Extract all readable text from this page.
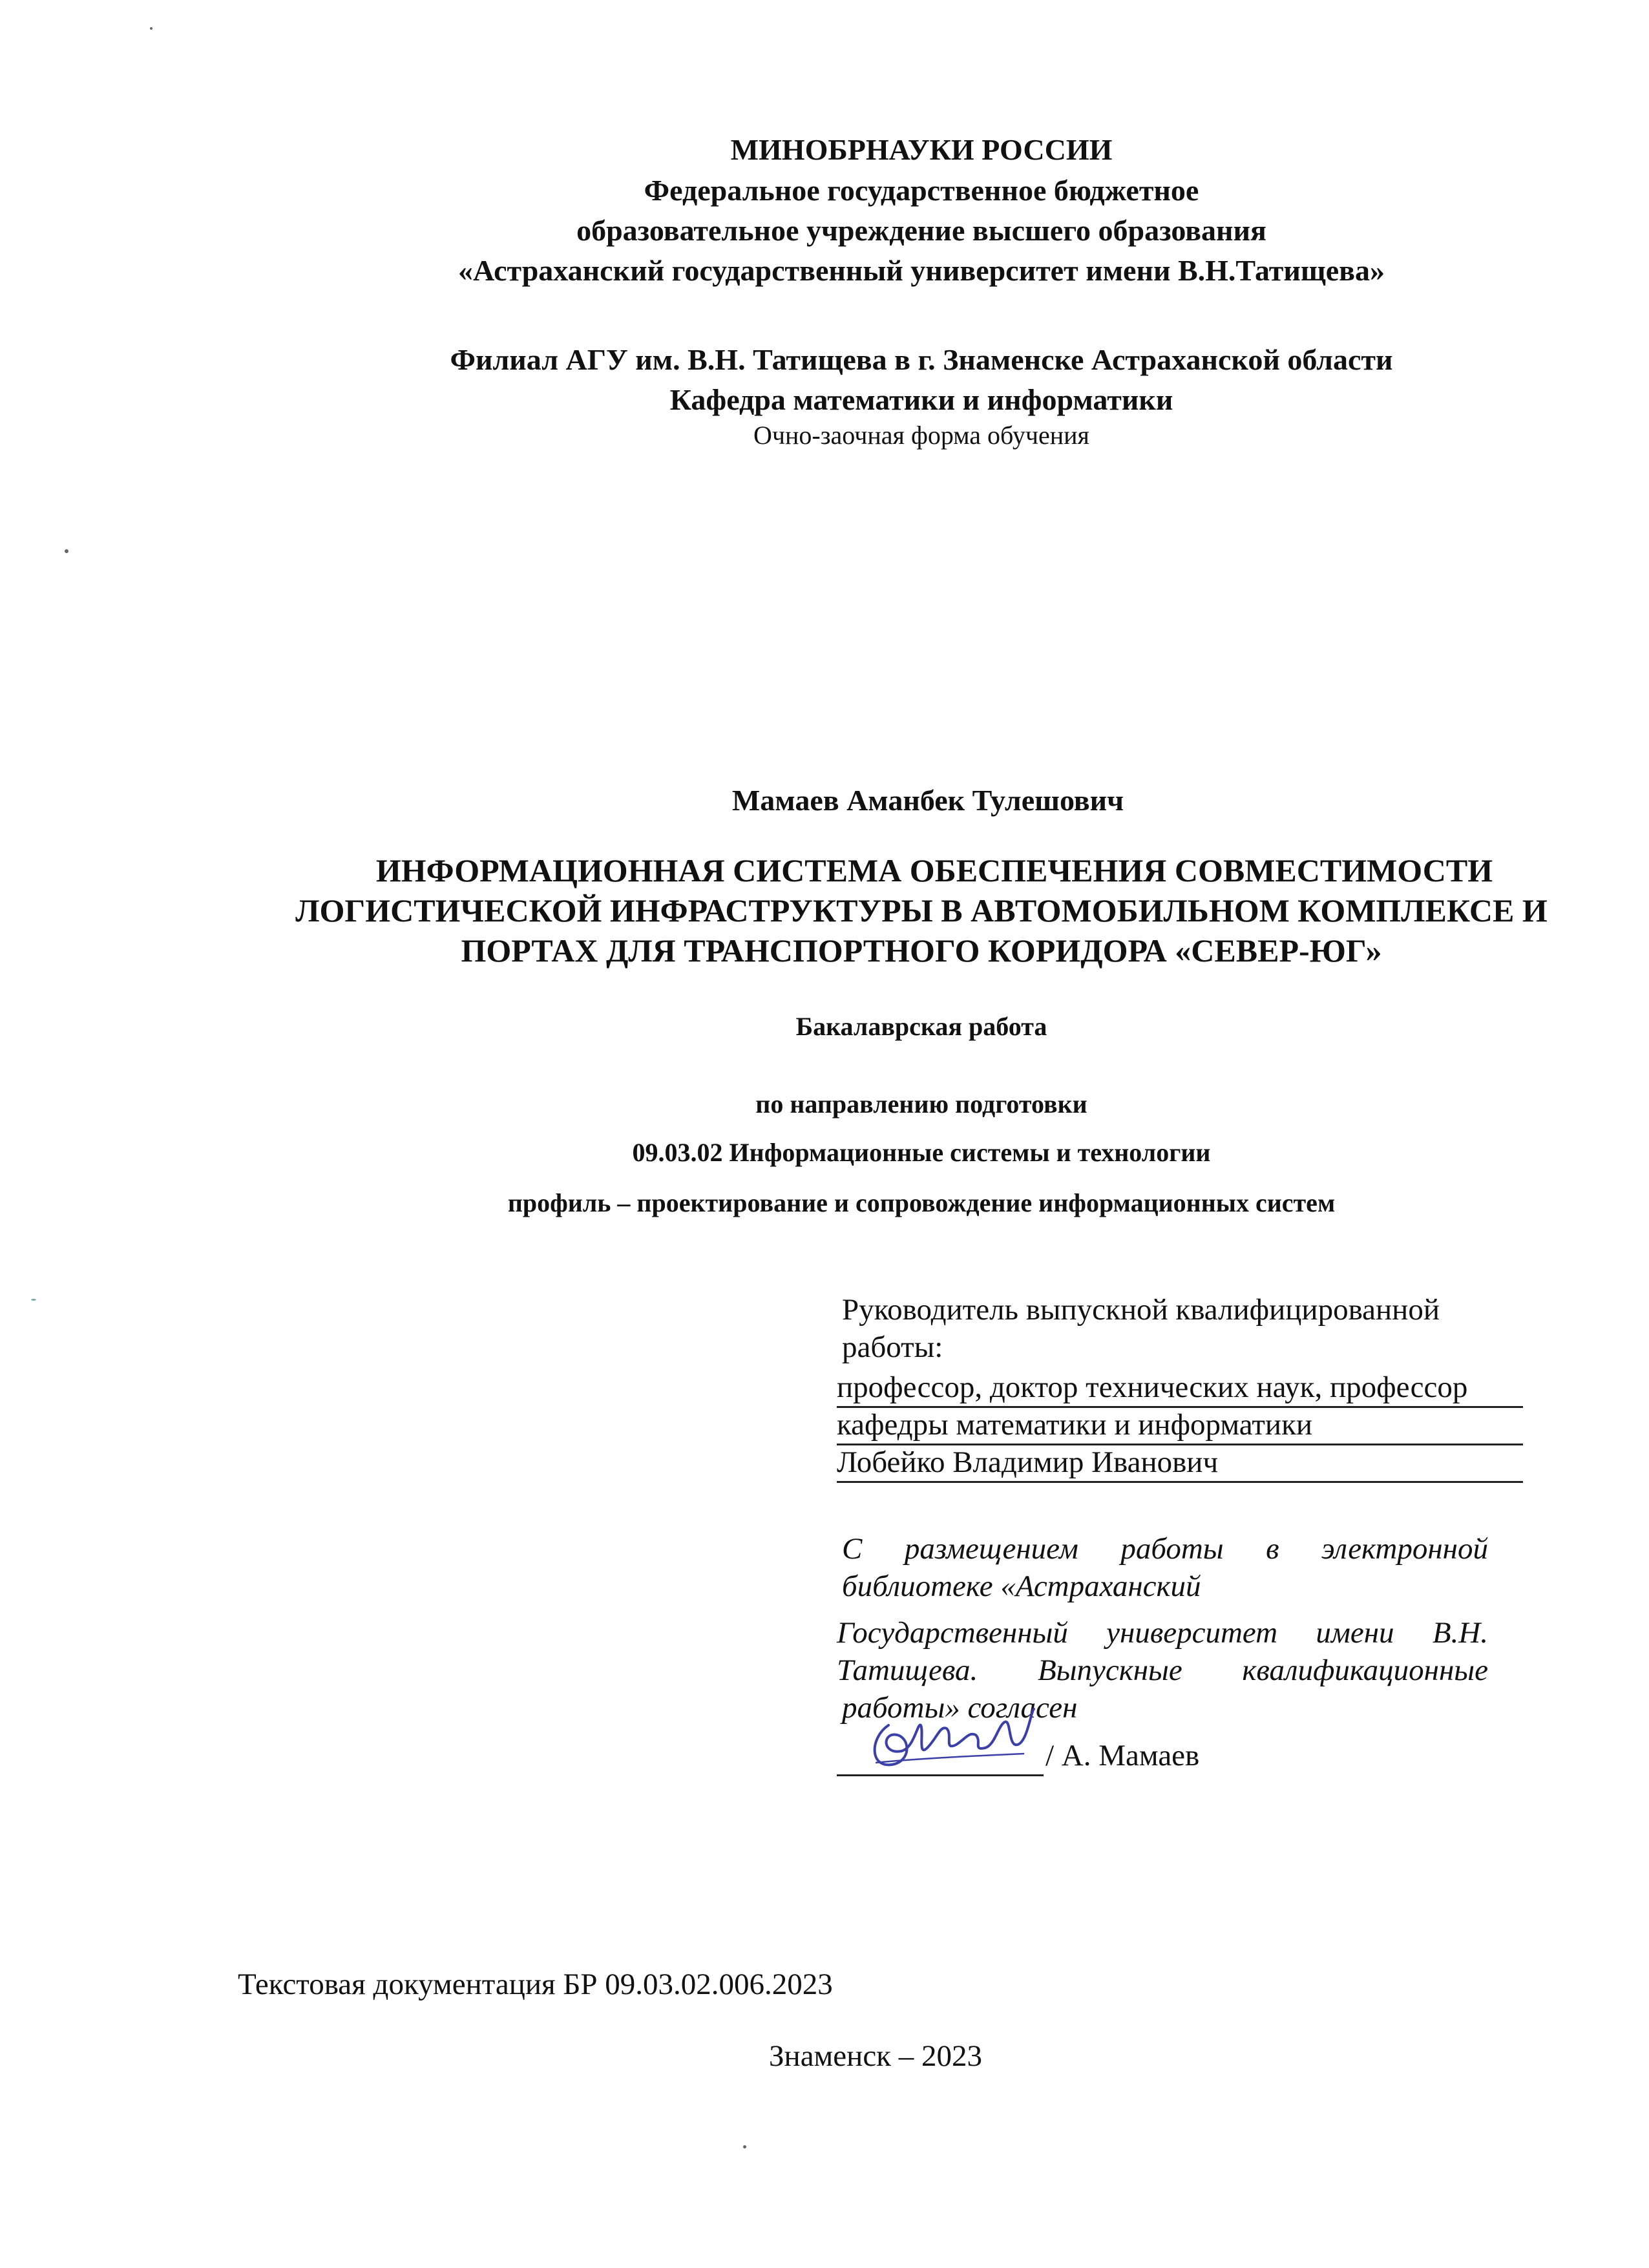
МИНОБРНАУКИ РОССИИ
Федеральное государственное бюджетное
образовательное учреждение высшего образования
«Астраханский государственный университет имени В.Н.Татищева»
Филиал АГУ им. В.Н. Татищева в г. Знаменске Астраханской области
Кафедра математики и информатики
Очно-заочная форма обучения
Мамаев Аманбек Тулешович
ИНФОРМАЦИОННАЯ СИСТЕМА ОБЕСПЕЧЕНИЯ СОВМЕСТИМОСТИ
ЛОГИСТИЧЕСКОЙ ИНФРАСТРУКТУРЫ В АВТОМОБИЛЬНОМ КОМПЛЕКСЕ И
ПОРТАХ ДЛЯ ТРАНСПОРТНОГО КОРИДОРА «СЕВЕР-ЮГ»
Бакалаврская работа
по направлению подготовки
09.03.02 Информационные системы и технологии
профиль – проектирование и сопровождение информационных систем
Руководитель выпускной квалифицированной
работы:
профессор, доктор технических наук, профессор
кафедры математики и информатики
Лобейко Владимир Иванович
С размещением работы в электронной
библиотеке «Астраханский
Государственный университет имени В.Н.
Татищева. Выпускные квалификационные
работы» согласен
/ А. Мамаев
Текстовая документация БР 09.03.02.006.2023
Знаменск – 2023
